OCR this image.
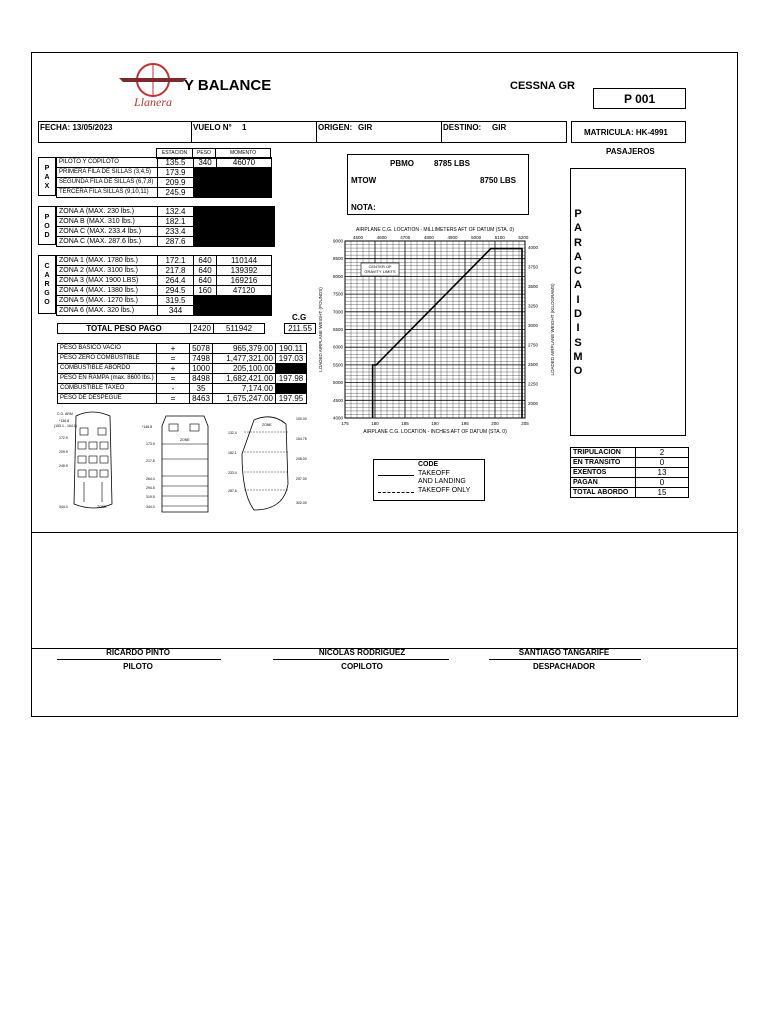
Llanera
Y BALANCE	CESSNA GR
P 001
FECHA: 13/05/2023	VUELO N° 1	ORIGEN: GIR	DESTINO: GIR
MATRICULA: HK-4991
PASAJEROS
ESTACION	PESO	MOMENTO
P
A
X
PILOTO Y COPILOTO	135.5	340	46070
PRIMERA FILA DE SILLAS (3,4,5)	173.9		
SEGUNDA FILA DE SILLAS (6,7,8)	209.9		
TERCERA FILA SILLAS (9,10,11)	245.9		
P
O
D
ZONA A (MAX. 230 lbs.)	132.4	
ZONA B (MAX. 310 lbs.)	182.1	
ZONA C (MAX. 233.4 lbs.)	233.4	
ZONA C (MAX. 287.6 lbs.)	287.6	
C
A
R
G
O
ZONA 1 (MAX. 1780 lbs.)	172.1	640	110144
ZONA 2 (MAX. 3100 lbs.)	217.8	640	139392
ZONA 3 (MAX 1900 LBS)	264.4	640	169216
ZONA 4 (MAX. 1380 lbs.)	294.5	160	47120
ZONA 5 (MAX. 1270 lbs.)	319.5		
ZONA 6 (MAX. 320 lbs.)	344		
C.G
TOTAL PESO PAGO	2420	511942	211.55
PESO BASICO VACIO	+	5078	965,379.00	190.11
PESO ZERO COMBUSTIBLE	=	7498	1,477,321.00	197.03
COMBUSTIBLE ABORDO	+	1000	205,100.00	
PESO EN RAMPA (max. 8600 lbs.)	=	8498	1,682,421.00	197.98
COMBUSTIBLE TAXEO	-	35	7,174.00	
PESO DE DESPEGUE	=	8463	1,675,247.00	197.95
PBMO	8785 LBS
MTOW	8750 LBS
NOTA:
P
A
R
A
C
A
I
D
I
S
M
O
TRIPULACION	2
EN TRANSITO	0
EXENTOS	13
PAGAN	0
TOTAL ABORDO	15
175	180	185	190	195	200	205
4000
4500
5000
5500
6000
6500
7000
7500
8000
8500
9000
4500	4600	4700	4800	4900	5000	5100	5200
2000
2250
2500
2750
3000
3250
3500
3750
4000
AIRPLANE C.G. LOCATION - INCHES AFT OF DATUM (STA. 0)
AIRPLANE C.G. LOCATION - MILLIMETERS AFT OF DATUM (STA. 0)
LOADED AIRPLANE WEIGHT (POUNDS)	LOADED AIRPLANE WEIGHT (KILOGRAMS)
CENTER OF
GRAVITY LIMITS
CODE
TAKEOFF
AND LANDING
TAKEOFF ONLY
C.G. ARM
*136.8
(153.1 - 164.1)
172.9
209.9
245.9
344.0	ZONE
*146.8
173.9
217.8
264.4
294.5
319.5
344.0
ZONE
132.4
182.1
233.4
287.6
100.00
154.75
208.00
257.00
302.00
ZONE
RICARDO PINTO
PILOTO
NICOLAS RODRIGUEZ
COPILOTO
SANTIAGO TANGARIFE
DESPACHADOR
